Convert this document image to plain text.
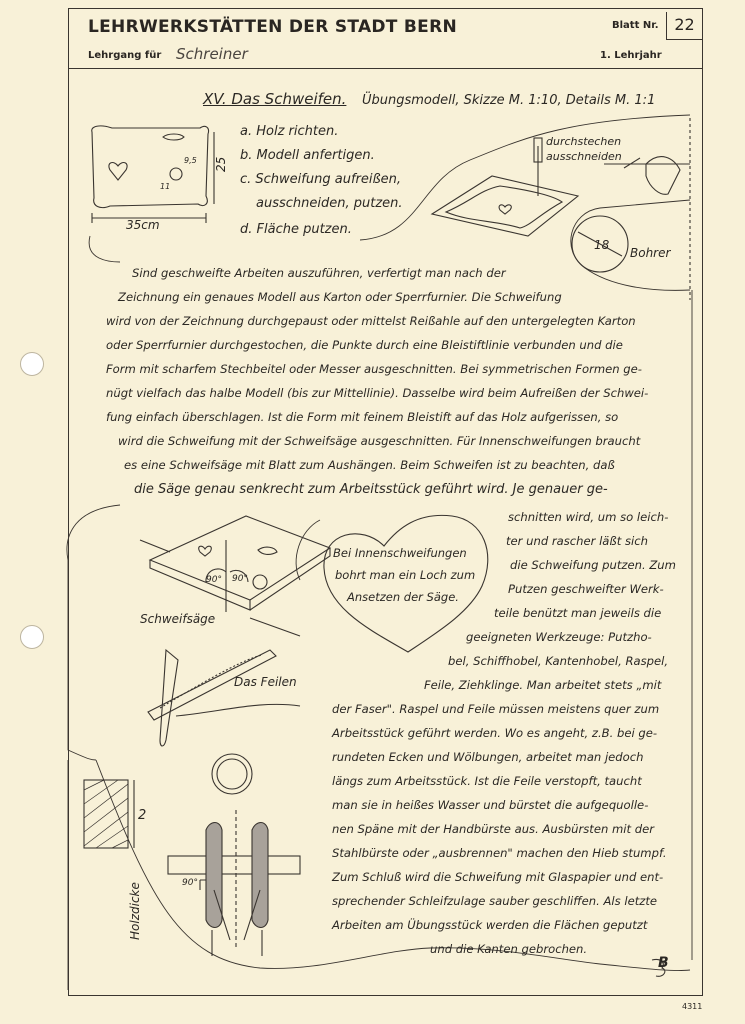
LEHRWERKSTÄTTEN DER STADT BERN	Blatt Nr. 22
Lehrgang für Schreiner	1. Lehrjahr
XV. Das Schweifen. Übungsmodell, Skizze M. 1:10, Details M. 1:1
a. Holz richten.
b. Modell anfertigen.
c. Schweifung aufreißen,
ausschneiden, putzen.
d. Fläche putzen.
35cm
25
9,5
11
durchstechen
ausschneiden
18
Bohrer
Schweifsäge
90° 90°
Das Feilen
2
Holzdicke	90°
Bei Innenschweifungen
bohrt man ein Loch zum
Ansetzen der Säge.
Sind geschweifte Arbeiten auszuführen, verfertigt man nach der
Zeichnung ein genaues Modell aus Karton oder Sperrfurnier. Die Schweifung
wird von der Zeichnung durchgepaust oder mittelst Reißahle auf den untergelegten Karton
oder Sperrfurnier durchgestochen, die Punkte durch eine Bleistiftlinie verbunden und die
Form mit scharfem Stechbeitel oder Messer ausgeschnitten. Bei symmetrischen Formen ge-
nügt vielfach das halbe Modell (bis zur Mittellinie). Dasselbe wird beim Aufreißen der Schwei-
fung einfach überschlagen. Ist die Form mit feinem Bleistift auf das Holz aufgerissen, so
wird die Schweifung mit der Schweifsäge ausgeschnitten. Für Innenschweifungen braucht
es eine Schweifsäge mit Blatt zum Aushängen. Beim Schweifen ist zu beachten, daß
die Säge genau senkrecht zum Arbeitsstück geführt wird. Je genauer ge-
schnitten wird, um so leich-
ter und rascher läßt sich
die Schweifung putzen. Zum
Putzen geschweifter Werk-
teile benützt man jeweils die
geeigneten Werkzeuge: Putzho-
bel, Schiffhobel, Kantenhobel, Raspel,
Feile, Ziehklinge. Man arbeitet stets „mit
der Faser". Raspel und Feile müssen meistens quer zum
Arbeitsstück geführt werden. Wo es angeht, z.B. bei ge-
rundeten Ecken und Wölbungen, arbeitet man jedoch
längs zum Arbeitsstück. Ist die Feile verstopft, taucht
man sie in heißes Wasser und bürstet die aufgequolle-
nen Späne mit der Handbürste aus. Ausbürsten mit der
Stahlbürste oder „ausbrennen" machen den Hieb stumpf.
Zum Schluß wird die Schweifung mit Glaspapier und ent-
sprechender Schleifzulage sauber geschliffen. Als letzte
Arbeiten am Übungsstück werden die Flächen geputzt
und die Kanten gebrochen.
B
4311
